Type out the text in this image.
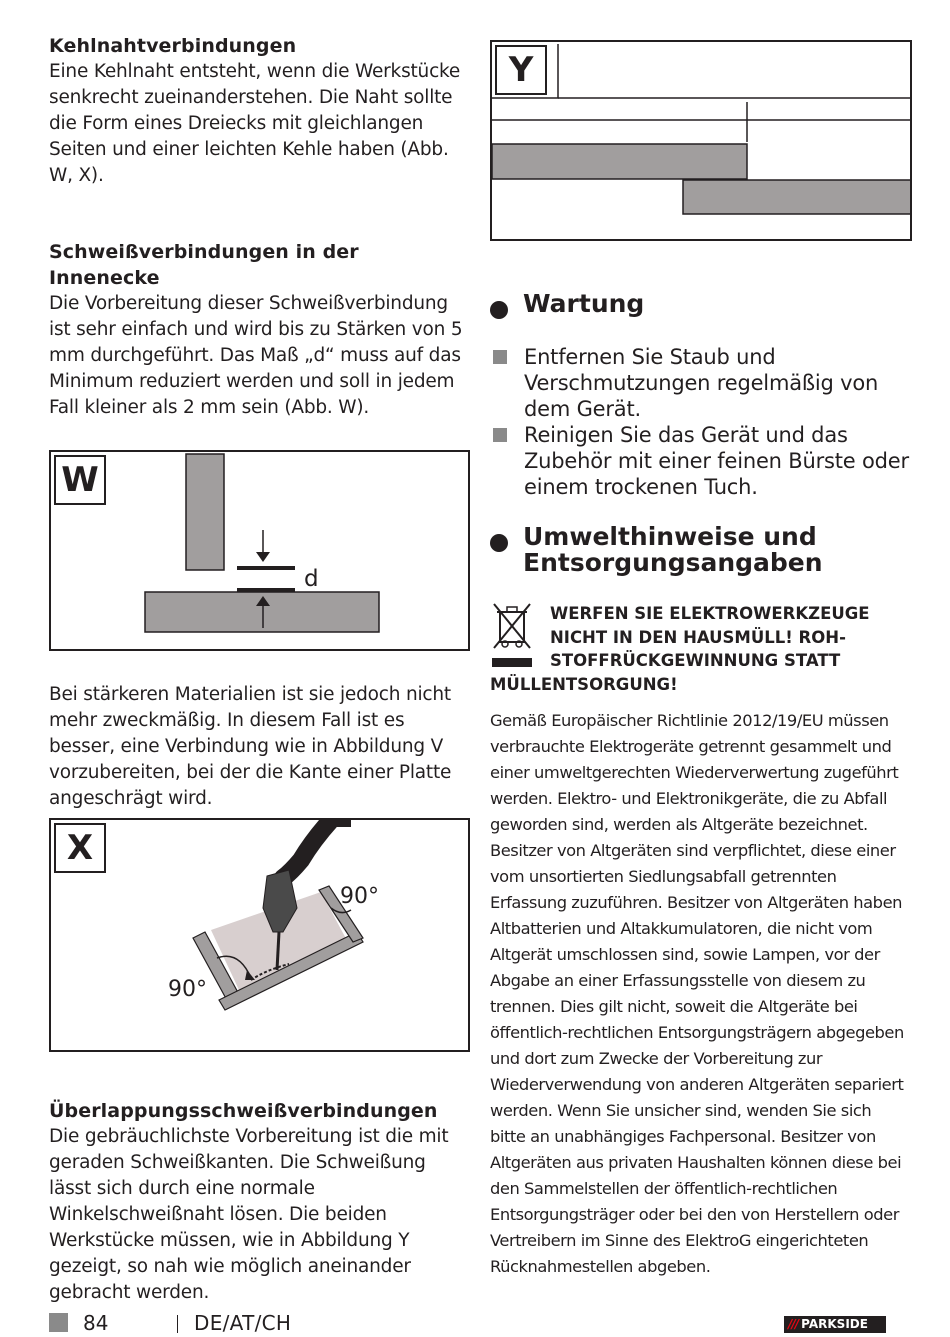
Kehlnahtverbindungen

Eine Kehlnaht entsteht, wenn die Werkstücke senkrecht zueinanderstehen. Die Naht sollte die Form eines Dreiecks mit gleichlangen Seiten und einer leichten Kehle haben (Abb. W, X).

Schweißverbindungen in der Innenecke

Die Vorbereitung dieser Schweißverbindung ist sehr einfach und wird bis zu Stärken von 5 mm durchgeführt. Das Maß „d“ muss auf das Minimum reduziert werden und soll in jedem Fall kleiner als 2 mm sein (Abb. W).

W
d

Bei stärkeren Materialien ist sie jedoch nicht mehr zweckmäßig. In diesem Fall ist es besser, eine Verbindung wie in Abbildung V vorzubereiten, bei der die Kante einer Platte angeschrägt wird.

X
90°
90°
Überlappungsschweißverbindungen

Die gebräuchlichste Vorbereitung ist die mit geraden Schweißkanten. Die Schweißung lässt sich durch eine normale Winkelschweißnaht lösen. Die beiden Werkstücke müssen, wie in Abbildung Y gezeigt, so nah wie möglich aneinander gebracht werden.

Y
Wartung
Entfernen Sie Staub und Verschmutzungen regelmäßig von dem Gerät.
Reinigen Sie das Gerät und das Zubehör mit einer feinen Bürste oder einem trockenen Tuch.
Umwelthinweise und Entsorgungsangaben
WERFEN SIE ELEKTROWERKZEUGE
NICHT IN DEN HAUSMÜLL! ROH-
STOFFRÜCKGEWINNUNG STATT
MÜLLENTSORGUNG!

Gemäß Europäischer Richtlinie 2012/19/EU müssen verbrauchte Elektrogeräte getrennt gesammelt und einer umweltgerechten Wiederverwertung zugeführt werden. Elektro- und Elektronikgeräte, die zu Abfall geworden sind, werden als Altgeräte bezeichnet. Besitzer von Altgeräten sind verpflichtet, diese einer vom unsortierten Siedlungsabfall getrennten Erfassung zuzuführen. Besitzer von Altgeräten haben Altbatterien und Altakkumulatoren, die nicht vom Altgerät umschlossen sind, sowie Lampen, vor der Abgabe an einer Erfassungsstelle von diesem zu trennen. Dies gilt nicht, soweit die Altgeräte bei öffentlich-rechtlichen Entsorgungsträgern abgegeben und dort zum Zwecke der Vorbereitung zur Wiederverwendung von anderen Altgeräten separiert werden. Wenn Sie unsicher sind, wenden Sie sich bitte an unabhängiges Fachpersonal. Besitzer von Altgeräten aus privaten Haushalten können diese bei den Sammelstellen der öffentlich-rechtlichen Entsorgungsträger oder bei den von Herstellern oder Vertreibern im Sinne des ElektroG eingerichteten Rücknahmestellen abgeben.

84	DE/AT/CH	/// PARKSIDE
